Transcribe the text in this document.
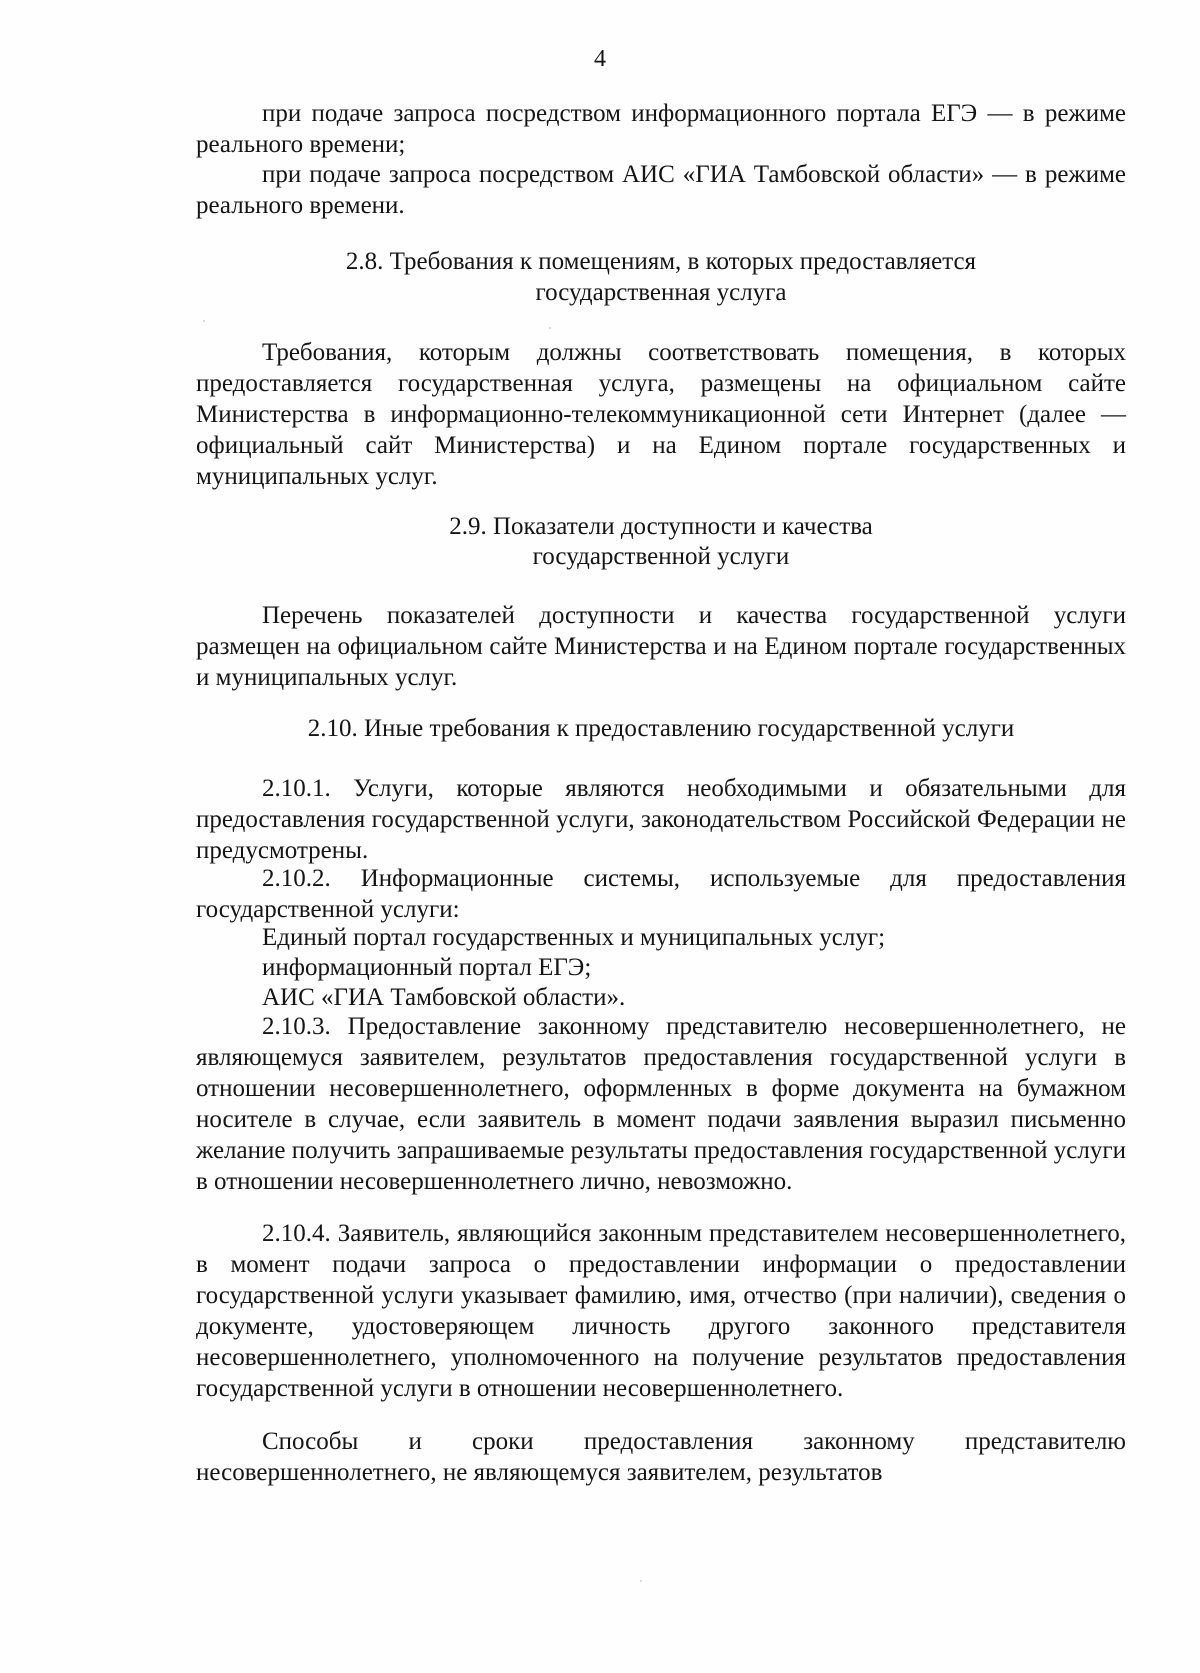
4
при подаче запроса посредством информационного портала ЕГЭ — в режиме реального времени;
при подаче запроса посредством АИС «ГИА Тамбовской области» — в режиме реального времени.
2.8. Требования к помещениям, в которых предоставляется
государственная услуга
Требования, которым должны соответствовать помещения, в которых предоставляется государственная услуга, размещены на официальном сайте Министерства в информационно-телекоммуникационной сети Интернет (далее — официальный сайт Министерства) и на Едином портале государственных и муниципальных услуг.
2.9. Показатели доступности и качества
государственной услуги
Перечень показателей доступности и качества государственной услуги размещен на официальном сайте Министерства и на Едином портале государственных и муниципальных услуг.
2.10. Иные требования к предоставлению государственной услуги
2.10.1. Услуги, которые являются необходимыми и обязательными для предоставления государственной услуги, законодательством Российской Федерации не предусмотрены.
2.10.2. Информационные системы, используемые для предоставления государственной услуги:
Единый портал государственных и муниципальных услуг;
информационный портал ЕГЭ;
АИС «ГИА Тамбовской области».
2.10.3. Предоставление законному представителю несовершеннолетнего, не являющемуся заявителем, результатов предоставления государственной услуги в отношении несовершеннолетнего, оформленных в форме документа на бумажном носителе в случае, если заявитель в момент подачи заявления выразил письменно желание получить запрашиваемые результаты предоставления государственной услуги в отношении несовершеннолетнего лично, невозможно.
2.10.4. Заявитель, являющийся законным представителем несовершеннолетнего, в момент подачи запроса о предоставлении информации о предоставлении государственной услуги указывает фамилию, имя, отчество (при наличии), сведения о документе, удостоверяющем личность другого законного представителя несовершеннолетнего, уполномоченного на получение результатов предоставления государственной услуги в отношении несовершеннолетнего.
Способы и сроки предоставления законному представителю несовершеннолетнего, не являющемуся заявителем, результатов
